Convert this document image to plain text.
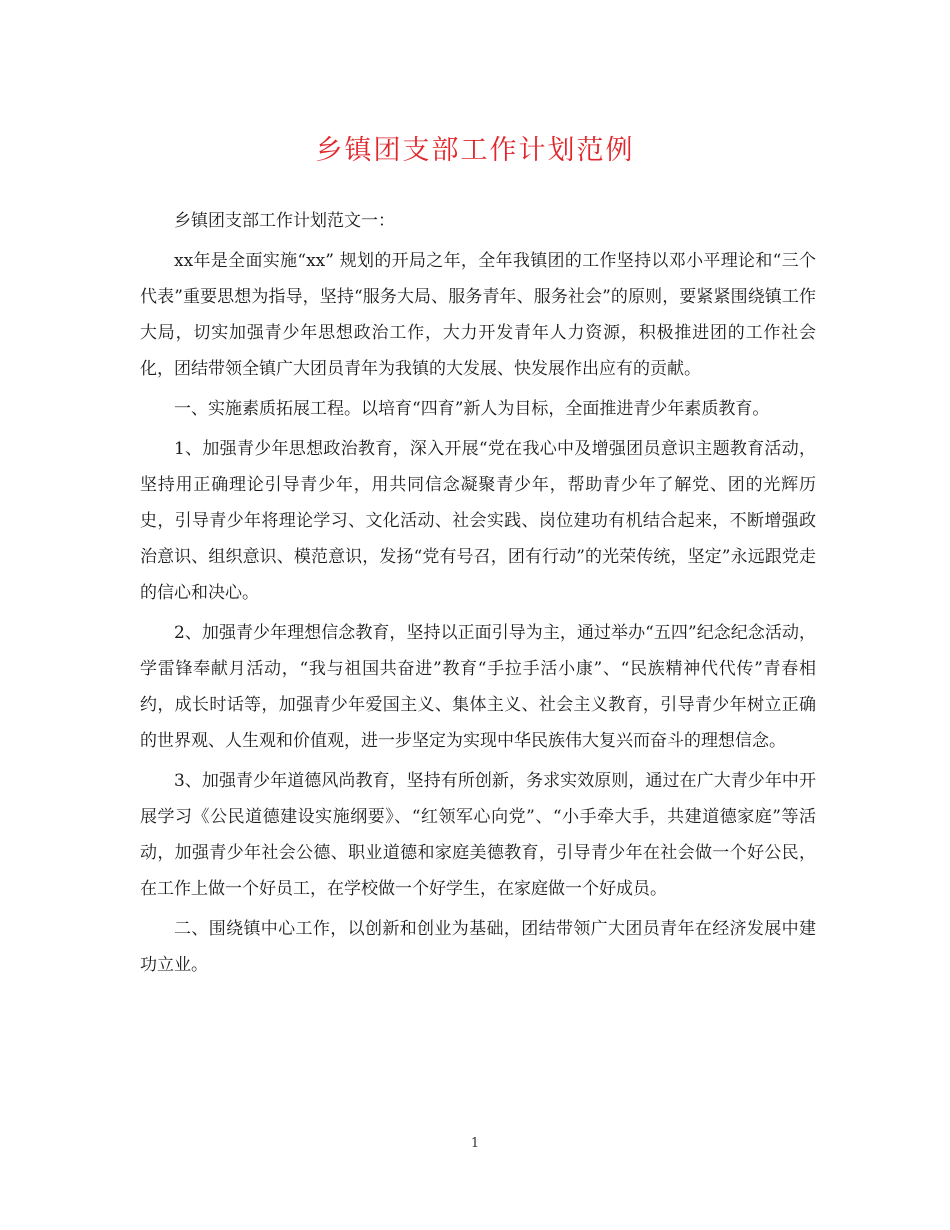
乡镇团支部工作计划范例

乡镇团支部工作计划范文一：

xx年是全面实施“xx” 规划的开局之年，全年我镇团的工作坚持以邓小平理论和“三个代表”重要思想为指导，坚持“服务大局、服务青年、服务社会”的原则，要紧紧围绕镇工作大局，切实加强青少年思想政治工作，大力开发青年人力资源，积极推进团的工作社会化，团结带领全镇广大团员青年为我镇的大发展、快发展作出应有的贡献。

一、实施素质拓展工程。以培育“四育”新人为目标，全面推进青少年素质教育。

1、加强青少年思想政治教育，深入开展“党在我心中及增强团员意识主题教育活动，坚持用正确理论引导青少年，用共同信念凝聚青少年，帮助青少年了解党、团的光辉历史，引导青少年将理论学习、文化活动、社会实践、岗位建功有机结合起来，不断增强政治意识、组织意识、模范意识，发扬“党有号召，团有行动”的光荣传统，坚定”永远跟党走的信心和决心。

2、加强青少年理想信念教育，坚持以正面引导为主，通过举办“五四”纪念纪念活动，学雷锋奉献月活动，“我与祖国共奋进”教育“手拉手活小康”、“民族精神代代传”青春相约，成长时话等，加强青少年爱国主义、集体主义、社会主义教育，引导青少年树立正确的世界观、人生观和价值观，进一步坚定为实现中华民族伟大复兴而奋斗的理想信念。

3、加强青少年道德风尚教育，坚持有所创新，务求实效原则，通过在广大青少年中开展学习《公民道德建设实施纲要》、“红领军心向党”、“小手牵大手，共建道德家庭”等活动，加强青少年社会公德、职业道德和家庭美德教育，引导青少年在社会做一个好公民，在工作上做一个好员工，在学校做一个好学生，在家庭做一个好成员。

二、围绕镇中心工作，以创新和创业为基础，团结带领广大团员青年在经济发展中建功立业。

1
